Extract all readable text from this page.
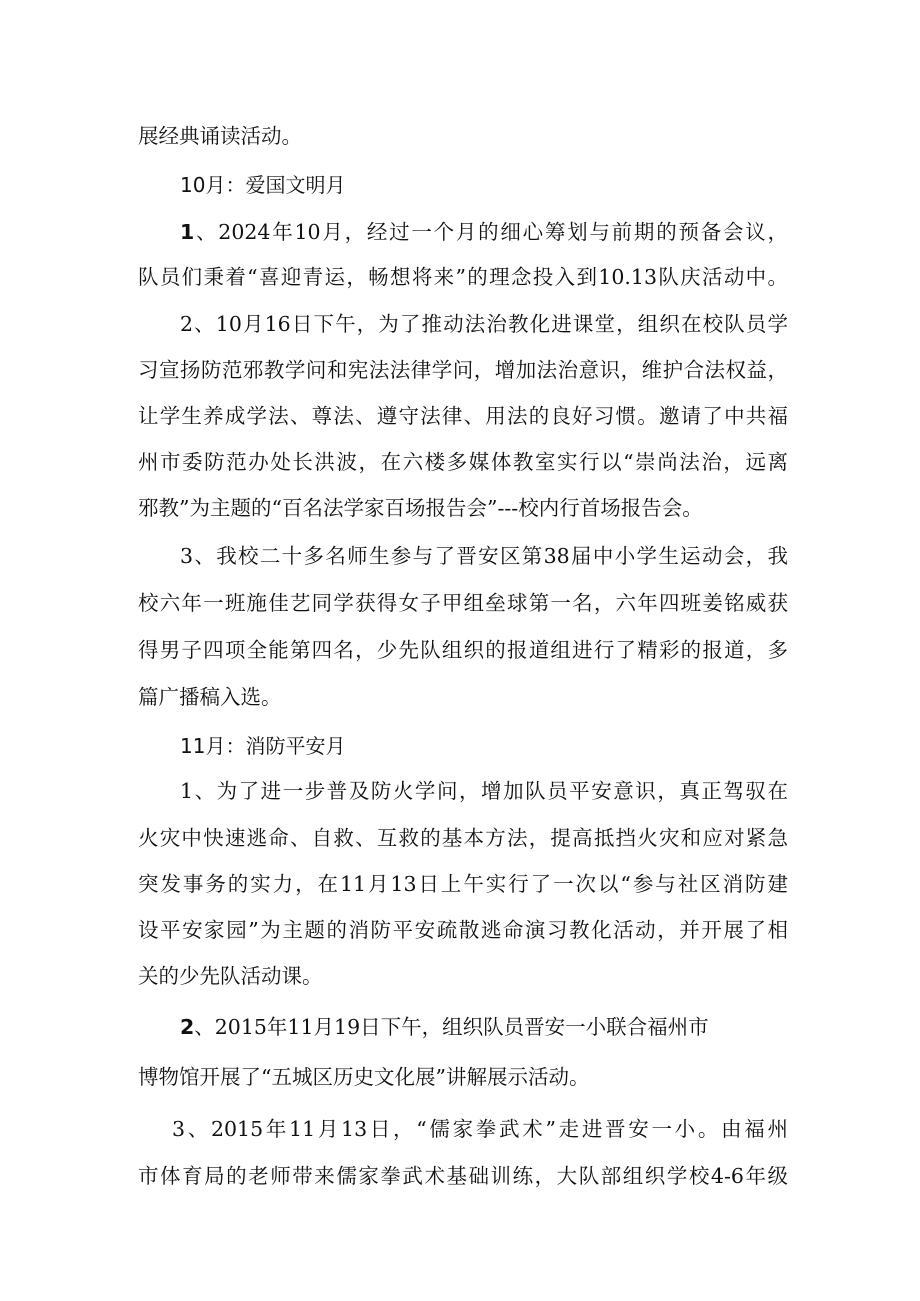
展经典诵读活动。
10月：爱国文明月
1、2024年10月，经过一个月的细心筹划与前期的预备会议，
队员们秉着“喜迎青运，畅想将来”的理念投入到10.13队庆活动中。
2、10月16日下午，为了推动法治教化进课堂，组织在校队员学
习宣扬防范邪教学问和宪法法律学问，增加法治意识，维护合法权益，
让学生养成学法、尊法、遵守法律、用法的良好习惯。邀请了中共福
州市委防范办处长洪波，在六楼多媒体教室实行以“崇尚法治，远离
邪教”为主题的“百名法学家百场报告会”---校内行首场报告会。
3、我校二十多名师生参与了晋安区第38届中小学生运动会，我
校六年一班施佳艺同学获得女子甲组垒球第一名，六年四班姜铭威获
得男子四项全能第四名，少先队组织的报道组进行了精彩的报道，多
篇广播稿入选。
11月：消防平安月
1、为了进一步普及防火学问，增加队员平安意识，真正驾驭在
火灾中快速逃命、自救、互救的基本方法，提高抵挡火灾和应对紧急
突发事务的实力，在11月13日上午实行了一次以“参与社区消防建
设平安家园”为主题的消防平安疏散逃命演习教化活动，并开展了相
关的少先队活动课。
2、2015年11月19日下午，组织队员晋安一小联合福州市
博物馆开展了“五城区历史文化展”讲解展示活动。
3、2015年11月13日，“儒家拳武术”走进晋安一小。由福州
市体育局的老师带来儒家拳武术基础训练，大队部组织学校4-6年级
